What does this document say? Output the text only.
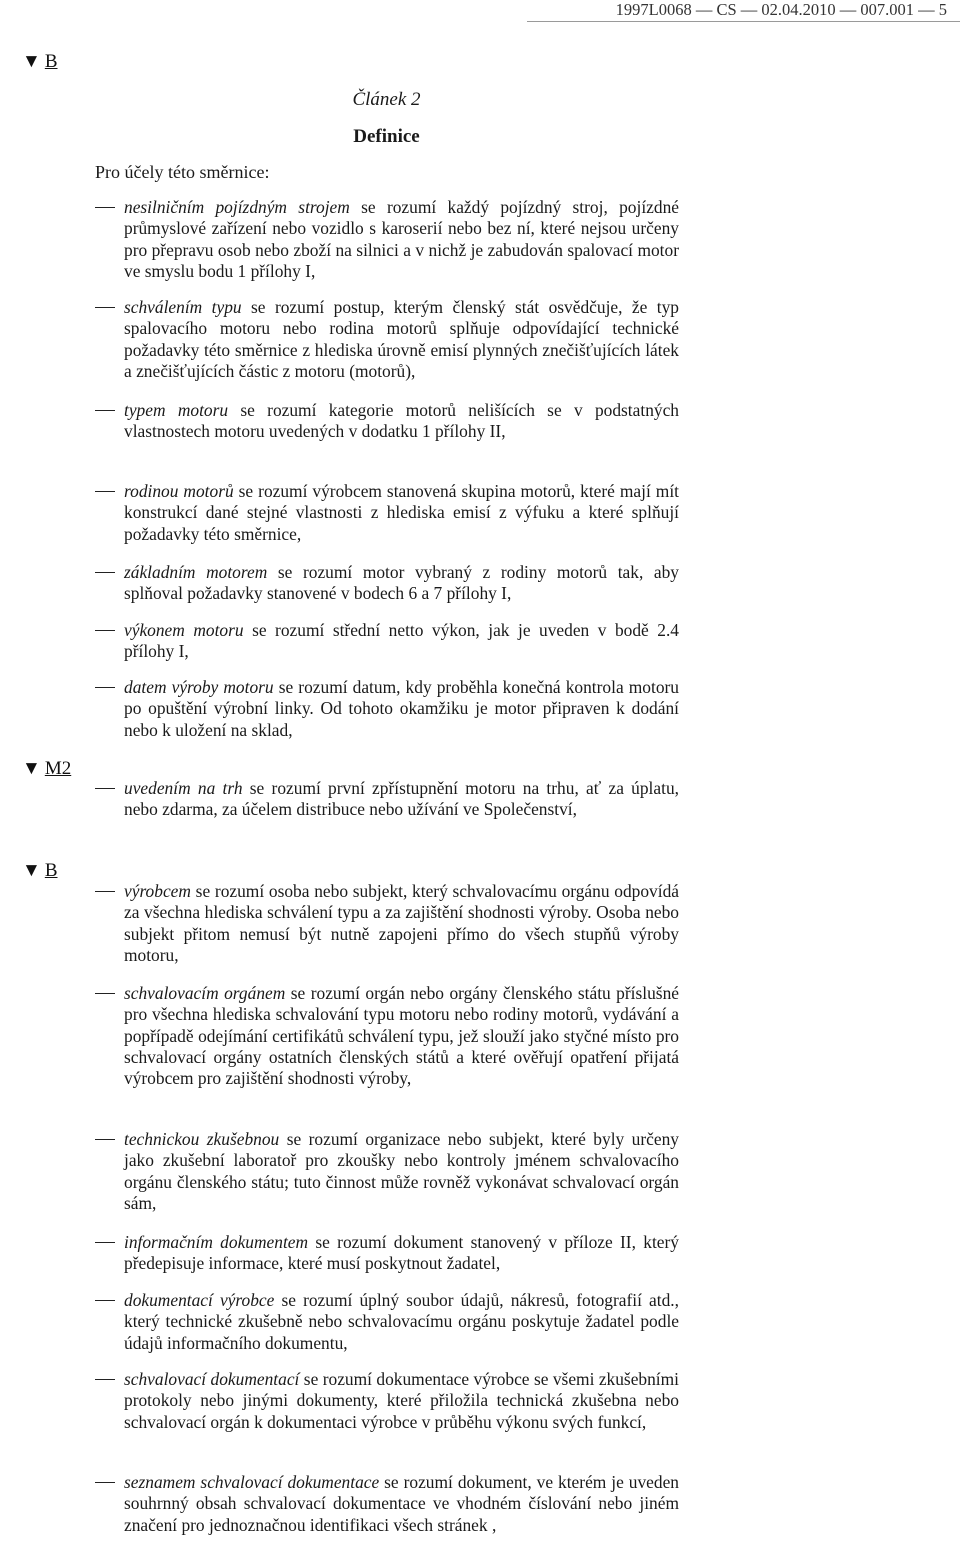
1997L0068 — CS — 02.04.2010 — 007.001 — 5
▼ B
Článek 2
Definice
Pro účely této směrnice:
nesilničním pojízdným strojem se rozumí každý pojízdný stroj, pojízdné průmyslové zařízení nebo vozidlo s karoserií nebo bez ní, které nejsou určeny pro přepravu osob nebo zboží na silnici a v nichž je zabudován spalovací motor ve smyslu bodu 1 přílohy I,
schválením typu se rozumí postup, kterým členský stát osvědčuje, že typ spalovacího motoru nebo rodina motorů splňuje odpovídající technické požadavky této směrnice z hlediska úrovně emisí plynných znečišťujících látek a znečišťujících částic z motoru (motorů),
typem motoru se rozumí kategorie motorů nelišících se v podstatných vlastnostech motoru uvedených v dodatku 1 přílohy II,
rodinou motorů se rozumí výrobcem stanovená skupina motorů, které mají mít konstrukcí dané stejné vlastnosti z hlediska emisí z výfuku a které splňují požadavky této směrnice,
základním motorem se rozumí motor vybraný z rodiny motorů tak, aby splňoval požadavky stanovené v bodech 6 a 7 přílohy I,
výkonem motoru se rozumí střední netto výkon, jak je uveden v bodě 2.4 přílohy I,
datem výroby motoru se rozumí datum, kdy proběhla konečná kontrola motoru po opuštění výrobní linky. Od tohoto okamžiku je motor připraven k dodání nebo k uložení na sklad,
▼ M2
uvedením na trh se rozumí první zpřístupnění motoru na trhu, ať za úplatu, nebo zdarma, za účelem distribuce nebo užívání ve Společenství,
▼ B
výrobcem se rozumí osoba nebo subjekt, který schvalovacímu orgánu odpovídá za všechna hlediska schválení typu a za zajištění shodnosti výroby. Osoba nebo subjekt přitom nemusí být nutně zapojeni přímo do všech stupňů výroby motoru,
schvalovacím orgánem se rozumí orgán nebo orgány členského státu příslušné pro všechna hlediska schvalování typu motoru nebo rodiny motorů, vydávání a popřípadě odejímání certifikátů schválení typu, jež slouží jako styčné místo pro schvalovací orgány ostatních členských států a které ověřují opatření přijatá výrobcem pro zajištění shodnosti výroby,
technickou zkušebnou se rozumí organizace nebo subjekt, které byly určeny jako zkušební laboratoř pro zkoušky nebo kontroly jménem schvalovacího orgánu členského státu; tuto činnost může rovněž vykonávat schvalovací orgán sám,
informačním dokumentem se rozumí dokument stanovený v příloze II, který předepisuje informace, které musí poskytnout žadatel,
dokumentací výrobce se rozumí úplný soubor údajů, nákresů, fotografií atd., který technické zkušebně nebo schvalovacímu orgánu poskytuje žadatel podle údajů informačního dokumentu,
schvalovací dokumentací se rozumí dokumentace výrobce se všemi zkušebními protokoly nebo jinými dokumenty, které přiložila technická zkušebna nebo schvalovací orgán k dokumentaci výrobce v průběhu výkonu svých funkcí,
seznamem schvalovací dokumentace se rozumí dokument, ve kterém je uveden souhrnný obsah schvalovací dokumentace ve vhodném číslování nebo jiném značení pro jednoznačnou identifikaci všech stránek ,
